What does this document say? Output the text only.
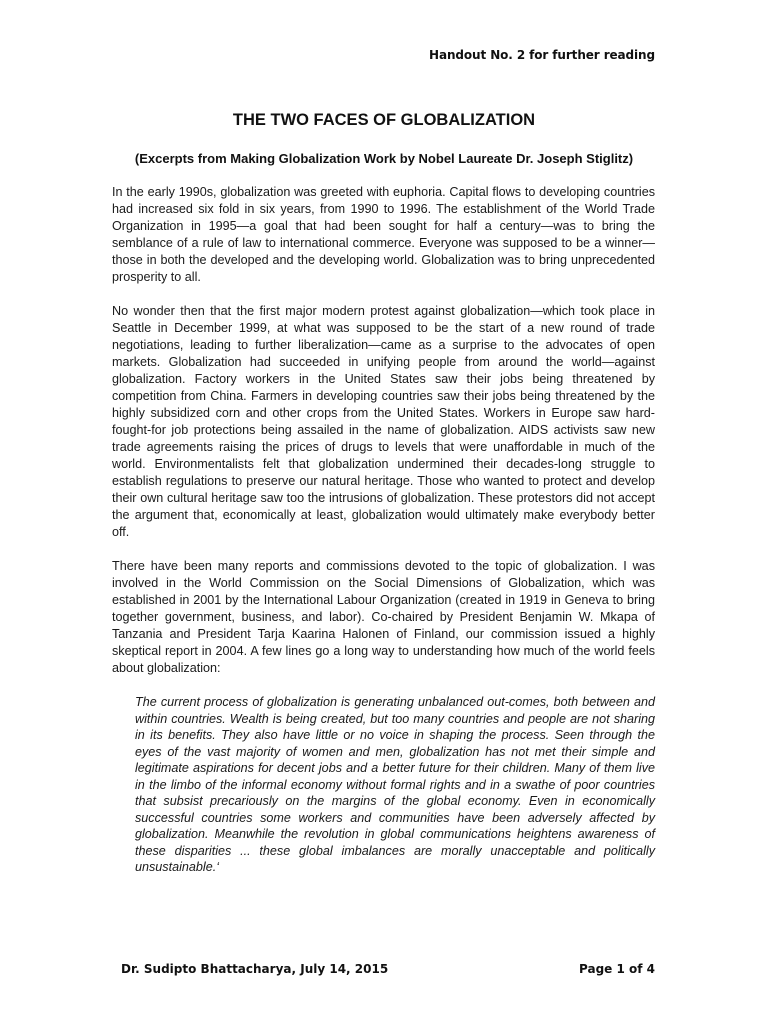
Handout No. 2 for further reading
THE TWO FACES OF GLOBALIZATION
(Excerpts from Making Globalization Work by Nobel Laureate Dr. Joseph Stiglitz)

In the early 1990s, globalization was greeted with euphoria. Capital flows to developing countries had increased six fold in six years, from 1990 to 1996. The establishment of the World Trade Organization in 1995—a goal that had been sought for half a century—was to bring the semblance of a rule of law to international commerce. Everyone was supposed to be a winner—those in both the developed and the developing world. Globalization was to bring unprecedented prosperity to all.

No wonder then that the first major modern protest against globalization—which took place in Seattle in December 1999, at what was supposed to be the start of a new round of trade negotiations, leading to further liberalization—came as a surprise to the advocates of open markets. Globalization had succeeded in unifying people from around the world—against globalization. Factory workers in the United States saw their jobs being threatened by competition from China. Farmers in developing countries saw their jobs being threatened by the highly subsidized corn and other crops from the United States. Workers in Europe saw hard-fought-for job protections being assailed in the name of globalization. AIDS activists saw new trade agreements raising the prices of drugs to levels that were unaffordable in much of the world. Environmentalists felt that globalization undermined their decades-long struggle to establish regulations to preserve our natural heritage. Those who wanted to protect and develop their own cultural heritage saw too the intrusions of globalization. These protestors did not accept the argument that, economically at least, globalization would ultimately make everybody better off.

There have been many reports and commissions devoted to the topic of globalization. I was involved in the World Commission on the Social Dimensions of Globalization, which was established in 2001 by the International Labour Organization (created in 1919 in Geneva to bring together government, business, and labor). Co-chaired by President Benjamin W. Mkapa of Tanzania and President Tarja Kaarina Halonen of Finland, our commission issued a highly skeptical report in 2004. A few lines go a long way to understanding how much of the world feels about globalization:

The current process of globalization is generating unbalanced out-comes, both between and within countries. Wealth is being created, but too many countries and people are not sharing in its benefits. They also have little or no voice in shaping the process. Seen through the eyes of the vast majority of women and men, globalization has not met their simple and legitimate aspirations for decent jobs and a better future for their children. Many of them live in the limbo of the informal economy without formal rights and in a swathe of poor countries that subsist precariously on the margins of the global economy. Even in economically successful countries some workers and communities have been adversely affected by globalization. Meanwhile the revolution in global communications heightens awareness of these disparities ... these global imbalances are morally unacceptable and politically unsustainable.‘

Dr. Sudipto Bhattacharya, July 14, 2015	Page 1 of 4
